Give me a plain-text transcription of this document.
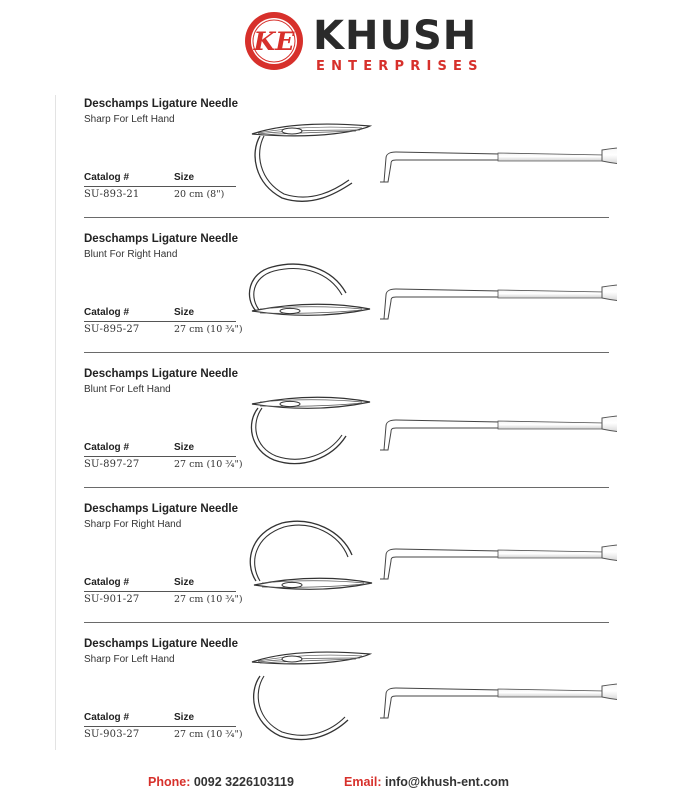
KE KHUSH
ENTERPRISES
Deschamps Ligature Needle
Sharp For Left Hand
Catalog #	Size
SU-893-21	20 cm (8")
Deschamps Ligature Needle
Blunt For Right Hand
Catalog #	Size
SU-895-27	27 cm (10 ¾")
Deschamps Ligature Needle
Blunt For Left Hand
Catalog #	Size
SU-897-27	27 cm (10 ¾")
Deschamps Ligature Needle
Sharp For Right Hand
Catalog #	Size
SU-901-27	27 cm (10 ¾")
Deschamps Ligature Needle
Sharp For Left Hand
Catalog #	Size
SU-903-27	27 cm (10 ¾")
Phone: 0092 3226103119	Email: info@khush-ent.com
